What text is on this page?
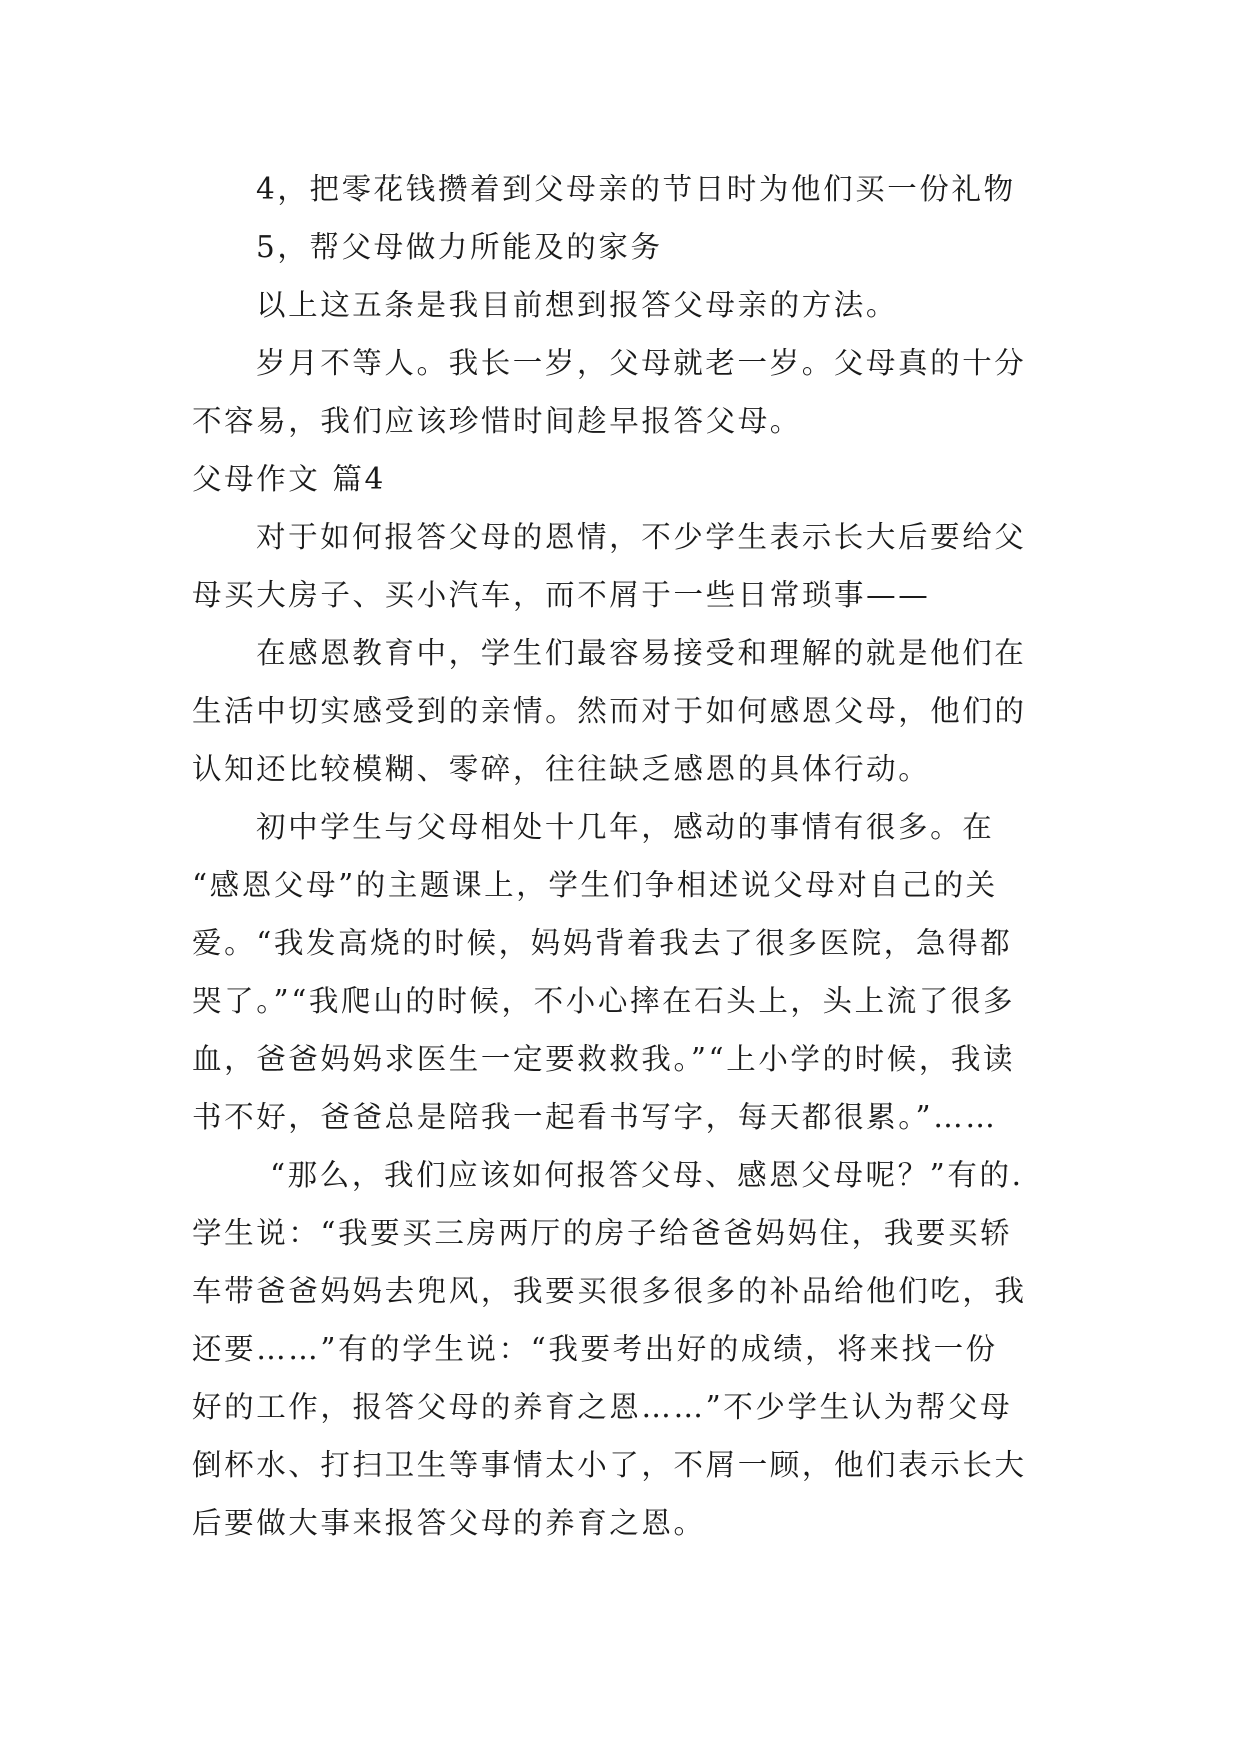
4，把零花钱攒着到父母亲的节日时为他们买一份礼物
5，帮父母做力所能及的家务
以上这五条是我目前想到报答父母亲的方法。
岁月不等人。我长一岁，父母就老一岁。父母真的十分
不容易，我们应该珍惜时间趁早报答父母。
父母作文 篇4
对于如何报答父母的恩情，不少学生表示长大后要给父
母买大房子、买小汽车，而不屑于一些日常琐事——
在感恩教育中，学生们最容易接受和理解的就是他们在
生活中切实感受到的亲情。然而对于如何感恩父母，他们的
认知还比较模糊、零碎，往往缺乏感恩的具体行动。
初中学生与父母相处十几年，感动的事情有很多。在
“感恩父母”的主题课上，学生们争相述说父母对自己的关
爱。“我发高烧的时候，妈妈背着我去了很多医院，急得都
哭了。”“我爬山的时候，不小心摔在石头上，头上流了很多
血，爸爸妈妈求医生一定要救救我。”“上小学的时候，我读
书不好，爸爸总是陪我一起看书写字，每天都很累。”……
“那么，我们应该如何报答父母、感恩父母呢？”有的.
学生说：“我要买三房两厅的房子给爸爸妈妈住，我要买轿
车带爸爸妈妈去兜风，我要买很多很多的补品给他们吃，我
还要……”有的学生说：“我要考出好的成绩，将来找一份
好的工作，报答父母的养育之恩……”不少学生认为帮父母
倒杯水、打扫卫生等事情太小了，不屑一顾，他们表示长大
后要做大事来报答父母的养育之恩。
